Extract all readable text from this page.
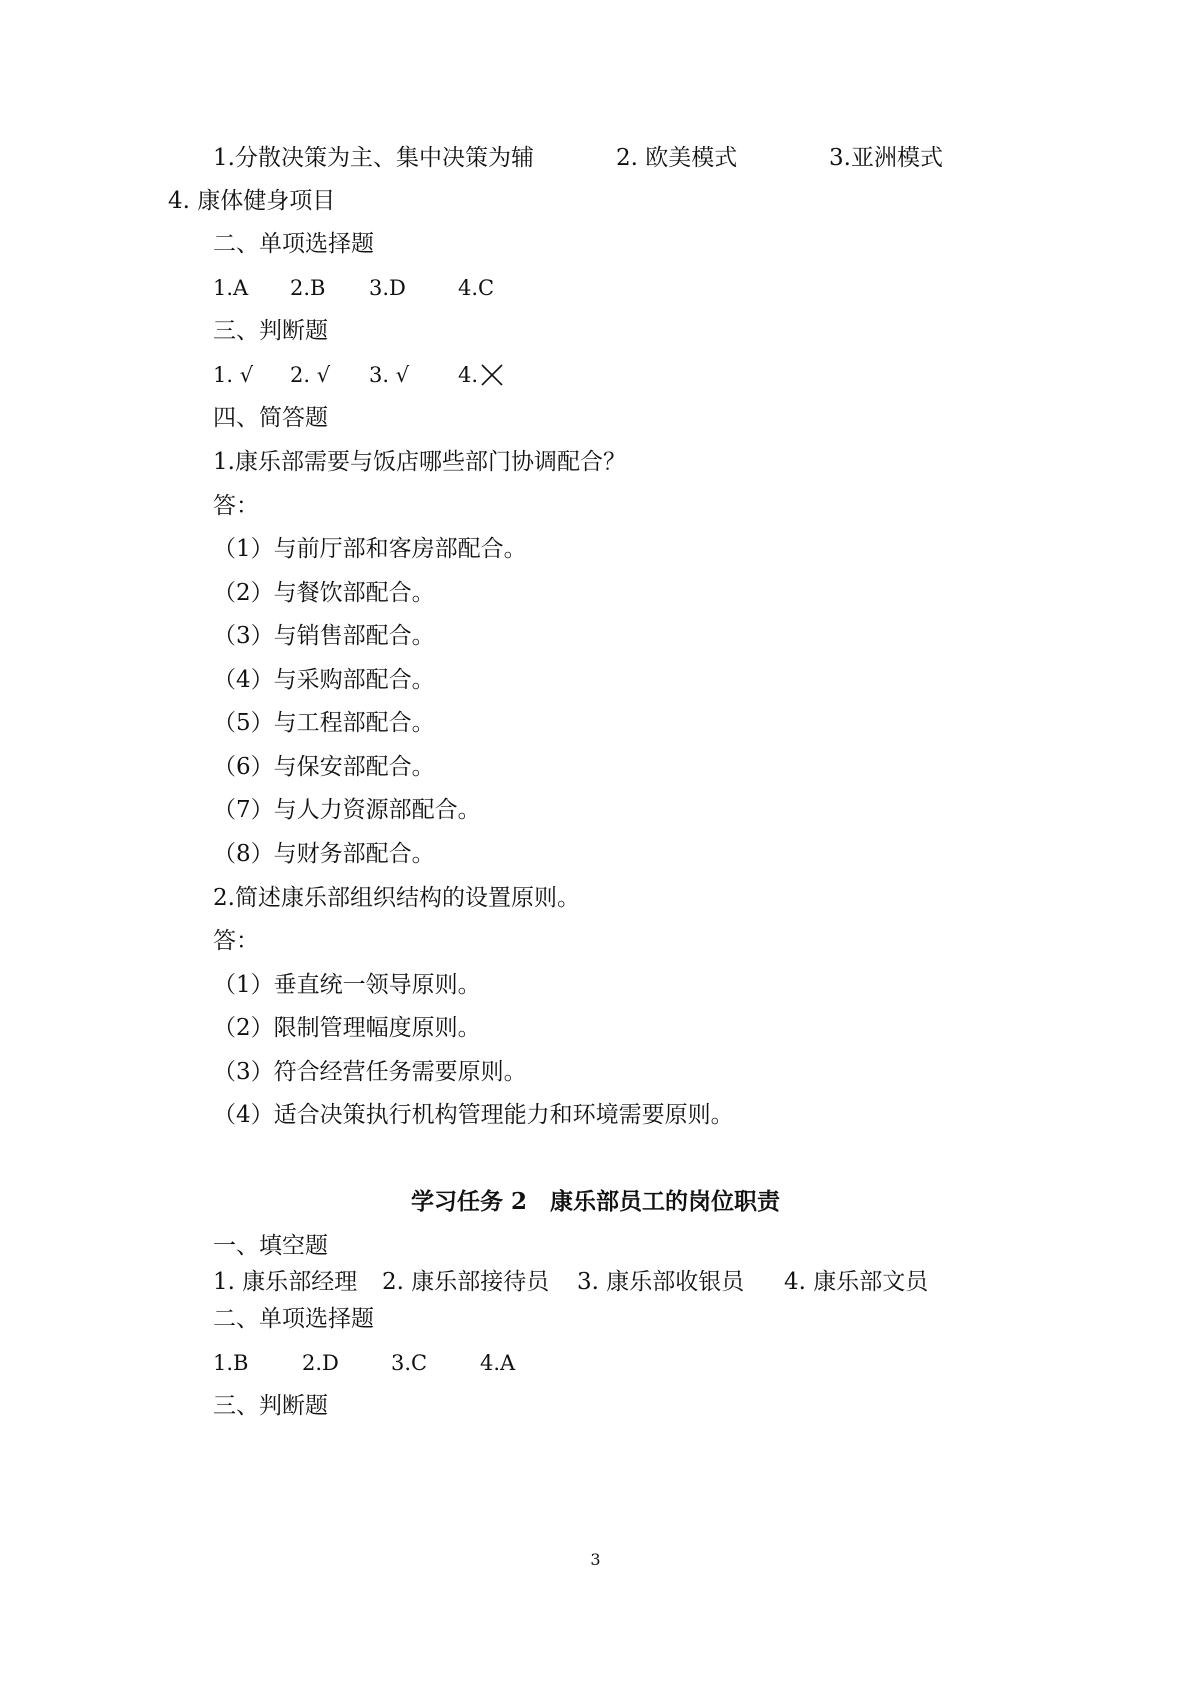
1.分散决策为主、集中决策为辅	2. 欧美模式	3.亚洲模式
4. 康体健身项目
二、单项选择题
1.A 2.B 3.D 4.C
三、判断题
1. √ 2. √ 3. √ 4.
四、简答题
1.康乐部需要与饭店哪些部门协调配合？
答：
（1）与前厅部和客房部配合。
（2）与餐饮部配合。
（3）与销售部配合。
（4）与采购部配合。
（5）与工程部配合。
（6）与保安部配合。
（7）与人力资源部配合。
（8）与财务部配合。
2.简述康乐部组织结构的设置原则。
答：
（1）垂直统一领导原则。
（2）限制管理幅度原则。
（3）符合经营任务需要原则。
（4）适合决策执行机构管理能力和环境需要原则。
学习任务 2　康乐部员工的岗位职责
一、填空题
1. 康乐部经理 2. 康乐部接待员 3. 康乐部收银员 4. 康乐部文员
二、单项选择题
1.B	2.D 3.C	4.A
三、判断题
3
